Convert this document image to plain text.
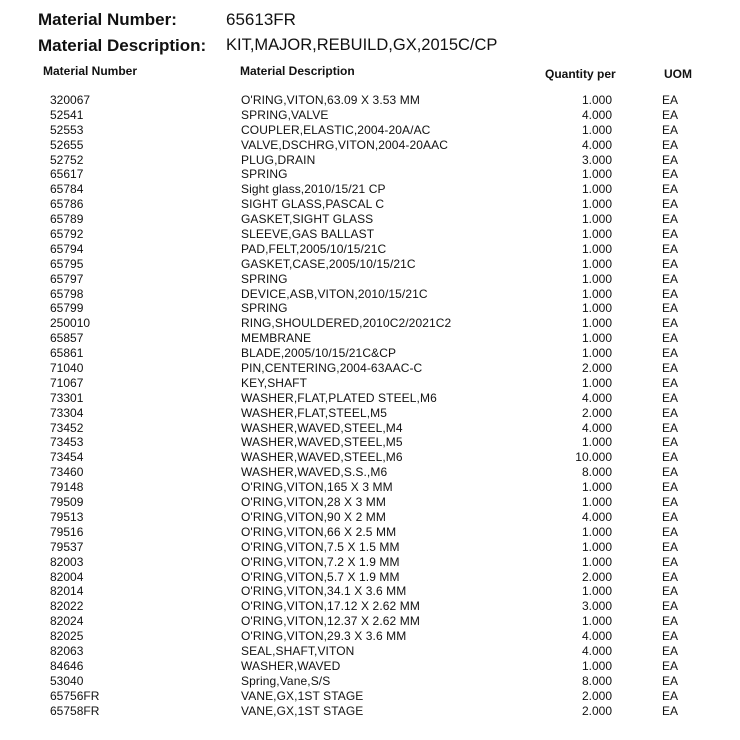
Material Number:	65613FR
Material Description: KIT,MAJOR,REBUILD,GX,2015C/CP
Material Number	Material Description	Quantity per	UOM
320067	O'RING,VITON,63.09 X 3.53 MM	1.000	EA
52541	SPRING,VALVE	4.000	EA
52553	COUPLER,ELASTIC,2004-20A/AC	1.000	EA
52655	VALVE,DSCHRG,VITON,2004-20AAC	4.000	EA
52752	PLUG,DRAIN	3.000	EA
65617	SPRING	1.000	EA
65784	Sight glass,2010/15/21 CP	1.000	EA
65786	SIGHT GLASS,PASCAL C	1.000	EA
65789	GASKET,SIGHT GLASS	1.000	EA
65792	SLEEVE,GAS BALLAST	1.000	EA
65794	PAD,FELT,2005/10/15/21C	1.000	EA
65795	GASKET,CASE,2005/10/15/21C	1.000	EA
65797	SPRING	1.000	EA
65798	DEVICE,ASB,VITON,2010/15/21C	1.000	EA
65799	SPRING	1.000	EA
250010	RING,SHOULDERED,2010C2/2021C2	1.000	EA
65857	MEMBRANE	1.000	EA
65861	BLADE,2005/10/15/21C&CP	1.000	EA
71040	PIN,CENTERING,2004-63AAC-C	2.000	EA
71067	KEY,SHAFT	1.000	EA
73301	WASHER,FLAT,PLATED STEEL,M6	4.000	EA
73304	WASHER,FLAT,STEEL,M5	2.000	EA
73452	WASHER,WAVED,STEEL,M4	4.000	EA
73453	WASHER,WAVED,STEEL,M5	1.000	EA
73454	WASHER,WAVED,STEEL,M6	10.000	EA
73460	WASHER,WAVED,S.S.,M6	8.000	EA
79148	O'RING,VITON,165 X 3 MM	1.000	EA
79509	O'RING,VITON,28 X 3 MM	1.000	EA
79513	O'RING,VITON,90 X 2 MM	4.000	EA
79516	O'RING,VITON,66 X 2.5 MM	1.000	EA
79537	O'RING,VITON,7.5 X 1.5 MM	1.000	EA
82003	O'RING,VITON,7.2 X 1.9 MM	1.000	EA
82004	O'RING,VITON,5.7 X 1.9 MM	2.000	EA
82014	O'RING,VITON,34.1 X 3.6 MM	1.000	EA
82022	O'RING,VITON,17.12 X 2.62 MM	3.000	EA
82024	O'RING,VITON,12.37 X 2.62 MM	1.000	EA
82025	O'RING,VITON,29.3 X 3.6 MM	4.000	EA
82063	SEAL,SHAFT,VITON	4.000	EA
84646	WASHER,WAVED	1.000	EA
53040	Spring,Vane,S/S	8.000	EA
65756FR	VANE,GX,1ST STAGE	2.000	EA
65758FR	VANE,GX,1ST STAGE	2.000	EA
